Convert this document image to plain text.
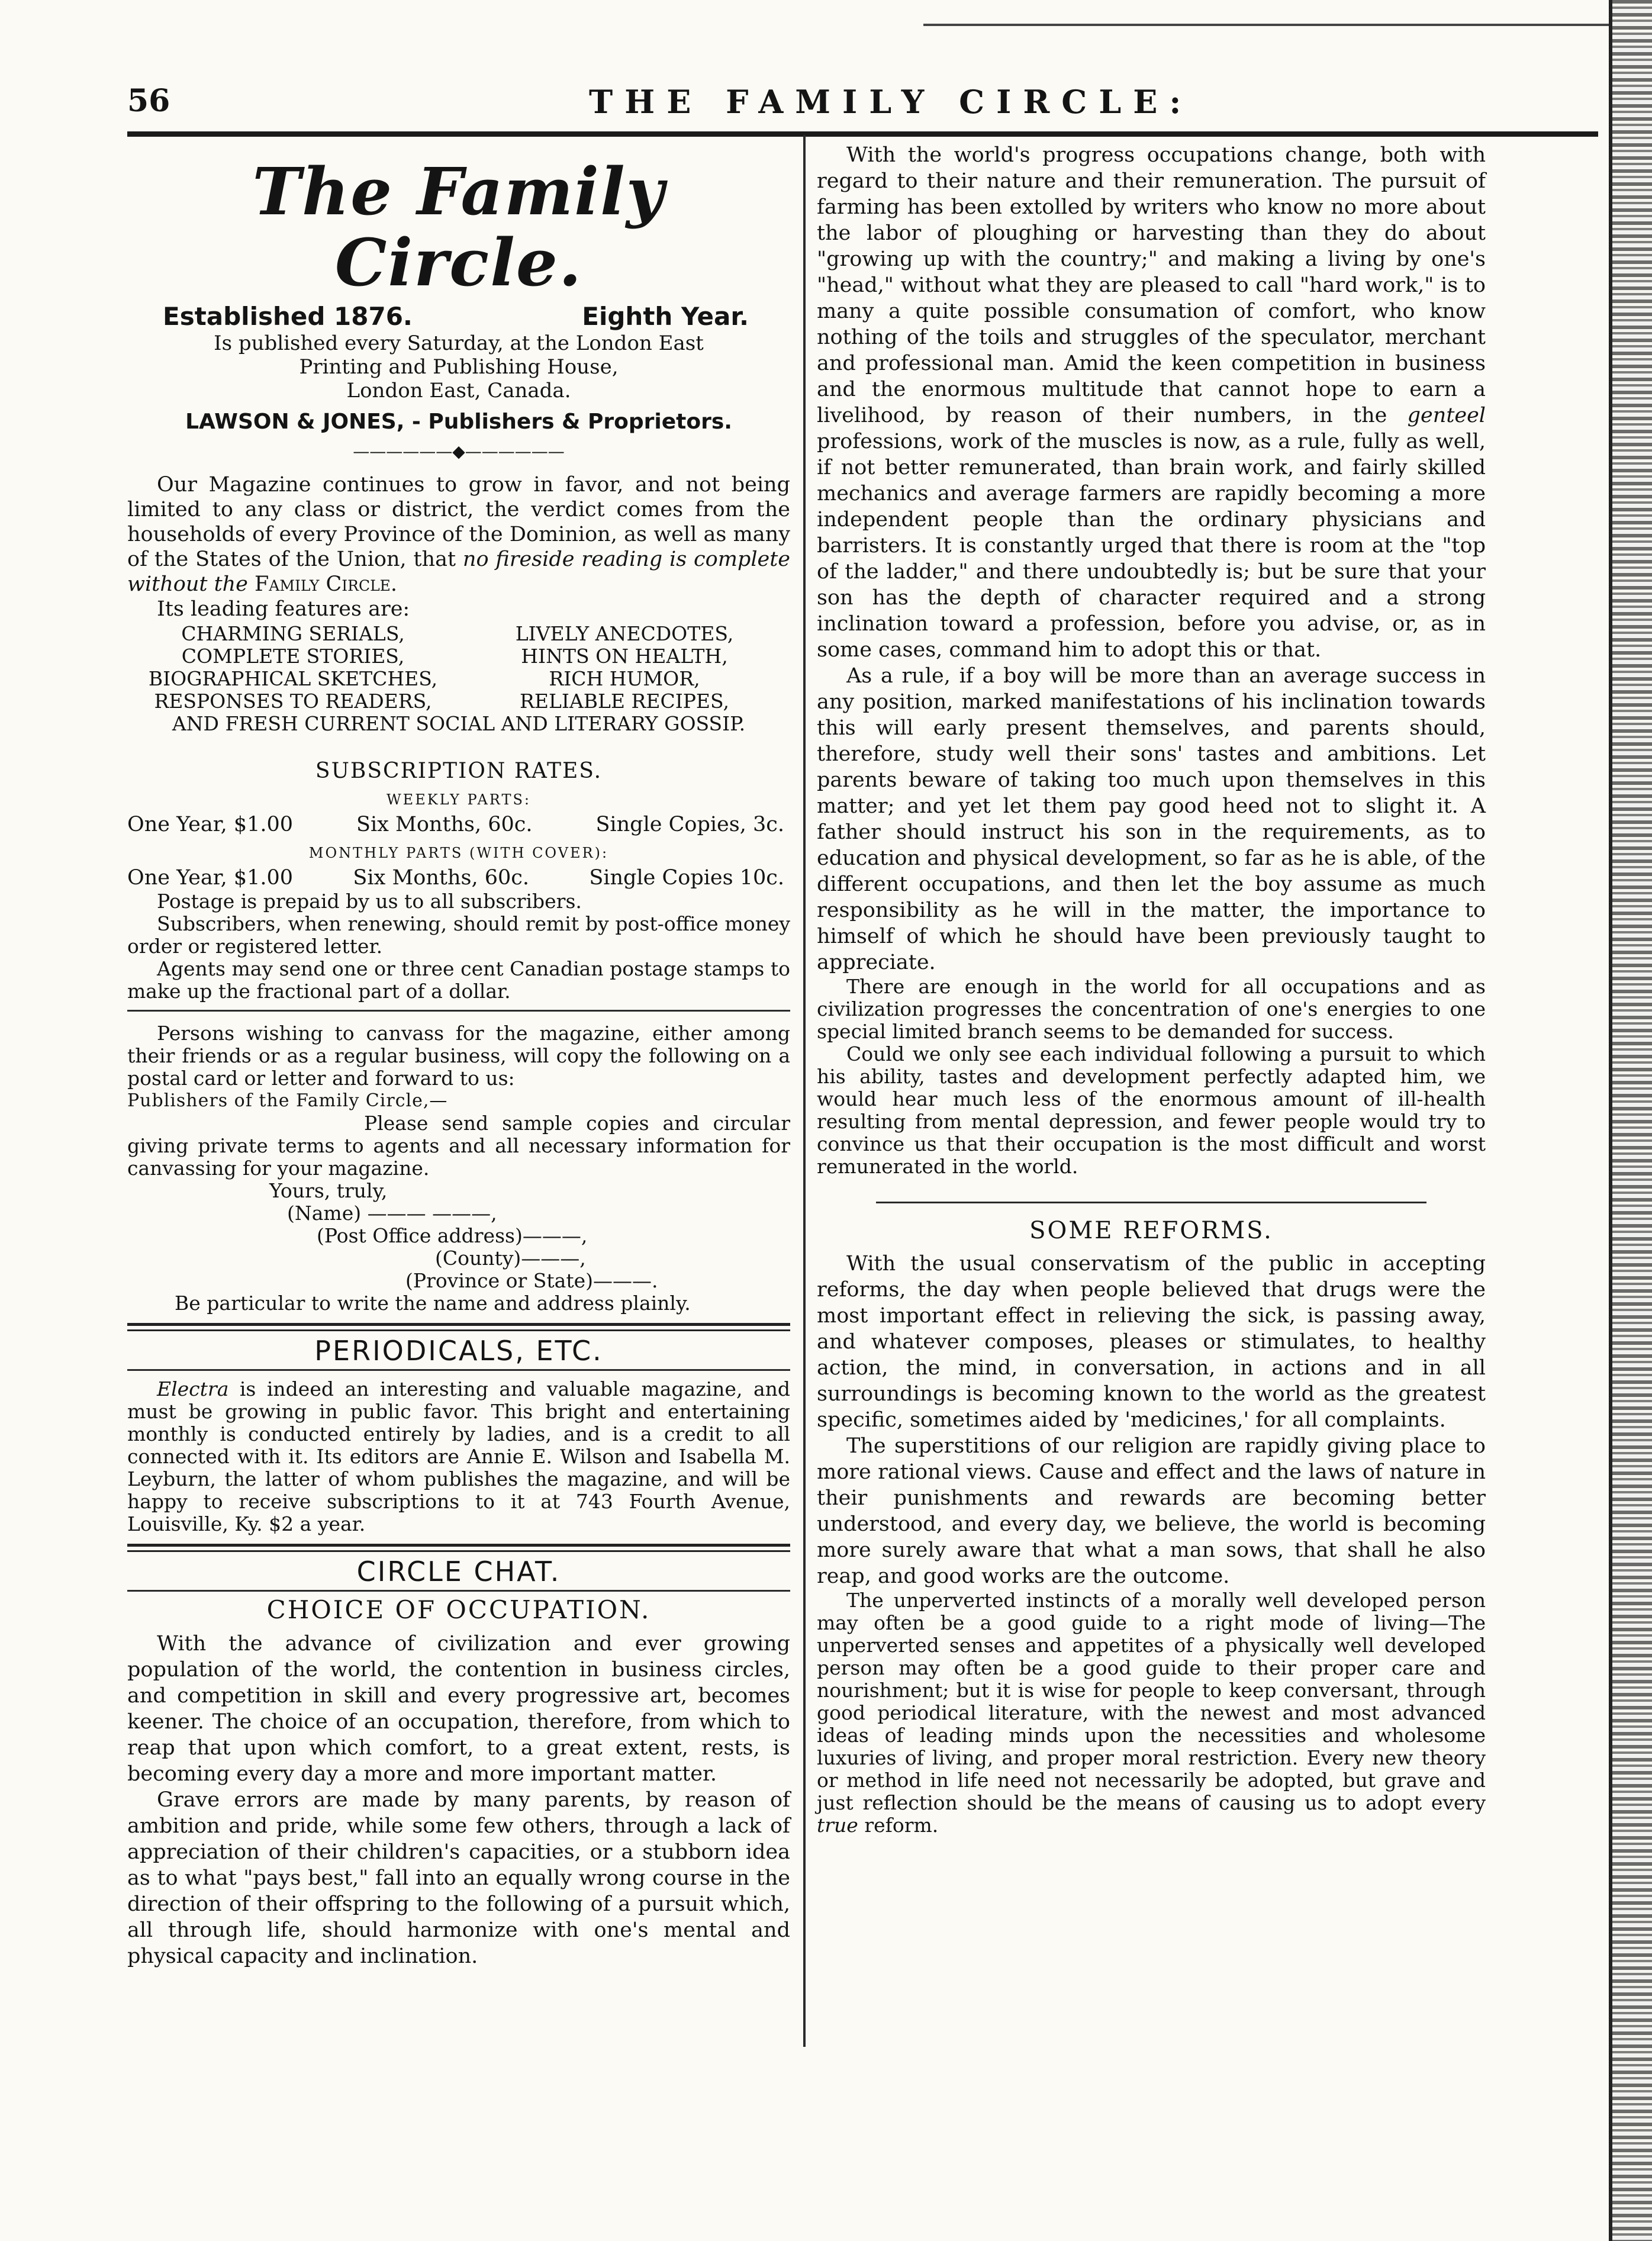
56	THE FAMILY CIRCLE:
The Family Circle.
Established 1876.	Eighth Year.
Is published every Saturday, at the London East
Printing and Publishing House,
London East, Canada.
LAWSON & JONES, - Publishers & Proprietors.
——————◆——————

Our Magazine continues to grow in favor, and not being limited to any class or district, the verdict comes from the households of every Province of the Dominion, as well as many of the States of the Union, that no fireside reading is complete without the Family Circle.

Its leading features are:

CHARMING SERIALS,	LIVELY ANECDOTES,
COMPLETE STORIES,	HINTS ON HEALTH,
BIOGRAPHICAL SKETCHES,	RICH HUMOR,
RESPONSES TO READERS,	RELIABLE RECIPES,
AND FRESH CURRENT SOCIAL AND LITERARY GOSSIP.
SUBSCRIPTION RATES.
WEEKLY PARTS:
One Year, $1.00	Six Months, 60c.	Single Copies, 3c.
MONTHLY PARTS (WITH COVER):
One Year, $1.00	Six Months, 60c.	Single Copies 10c.

Postage is prepaid by us to all subscribers.

Subscribers, when renewing, should remit by post-office money order or registered letter.

Agents may send one or three cent Canadian postage stamps to make up the fractional part of a dollar.

Persons wishing to canvass for the magazine, either among their friends or as a regular business, will copy the following on a postal card or letter and forward to us:

Publishers of the Family Circle,—

Please send sample copies and circular giving private terms to agents and all necessary information for canvassing for your magazine.

Yours, truly,

(Name) ——— ———,

(Post Office address)———,

(County)———,

(Province or State)———.

Be particular to write the name and address plainly.

PERIODICALS, ETC.

Electra is indeed an interesting and valuable magazine, and must be growing in public favor. This bright and entertaining monthly is conducted entirely by ladies, and is a credit to all connected with it. Its editors are Annie E. Wilson and Isabella M. Leyburn, the latter of whom publishes the magazine, and will be happy to receive subscriptions to it at 743 Fourth Avenue, Louisville, Ky. $2 a year.

CIRCLE CHAT.
CHOICE OF OCCUPATION.

With the advance of civilization and ever growing population of the world, the contention in business circles, and competition in skill and every progressive art, becomes keener. The choice of an occupation, therefore, from which to reap that upon which comfort, to a great extent, rests, is becoming every day a more and more important matter.

Grave errors are made by many parents, by reason of ambition and pride, while some few others, through a lack of appreciation of their children's capacities, or a stubborn idea as to what "pays best," fall into an equally wrong course in the direction of their offspring to the following of a pursuit which, all through life, should harmonize with one's mental and physical capacity and inclination.

With the world's progress occupations change, both with regard to their nature and their remuneration. The pursuit of farming has been extolled by writers who know no more about the labor of ploughing or harvesting than they do about "growing up with the country;" and making a living by one's "head," without what they are pleased to call "hard work," is to many a quite possible consumation of comfort, who know nothing of the toils and struggles of the speculator, merchant and professional man. Amid the keen competition in business and the enormous multitude that cannot hope to earn a livelihood, by reason of their numbers, in the genteel professions, work of the muscles is now, as a rule, fully as well, if not better remunerated, than brain work, and fairly skilled mechanics and average farmers are rapidly becoming a more independent people than the ordinary physicians and barristers. It is constantly urged that there is room at the "top of the ladder," and there undoubtedly is; but be sure that your son has the depth of character required and a strong inclination toward a profession, before you advise, or, as in some cases, command him to adopt this or that.

As a rule, if a boy will be more than an average success in any position, marked manifestations of his inclination towards this will early present themselves, and parents should, therefore, study well their sons' tastes and ambitions. Let parents beware of taking too much upon themselves in this matter; and yet let them pay good heed not to slight it. A father should instruct his son in the requirements, as to education and physical development, so far as he is able, of the different occupations, and then let the boy assume as much responsibility as he will in the matter, the importance to himself of which he should have been previously taught to appreciate.

There are enough in the world for all occupations and as civilization progresses the concentration of one's energies to one special limited branch seems to be demanded for success.

Could we only see each individual following a pursuit to which his ability, tastes and development perfectly adapted him, we would hear much less of the enormous amount of ill-health resulting from mental depression, and fewer people would try to convince us that their occupation is the most difficult and worst remunerated in the world.

SOME REFORMS.

With the usual conservatism of the public in accepting reforms, the day when people believed that drugs were the most important effect in relieving the sick, is passing away, and whatever composes, pleases or stimulates, to healthy action, the mind, in conversation, in actions and in all surroundings is becoming known to the world as the greatest specific, sometimes aided by 'medicines,' for all complaints.

The superstitions of our religion are rapidly giving place to more rational views. Cause and effect and the laws of nature in their punishments and rewards are becoming better understood, and every day, we believe, the world is becoming more surely aware that what a man sows, that shall he also reap, and good works are the outcome.

The unperverted instincts of a morally well developed person may often be a good guide to a right mode of living—The unperverted senses and appetites of a physically well developed person may often be a good guide to their proper care and nourishment; but it is wise for people to keep conversant, through good periodical literature, with the newest and most advanced ideas of leading minds upon the necessities and wholesome luxuries of living, and proper moral restriction. Every new theory or method in life need not necessarily be adopted, but grave and just reflection should be the means of causing us to adopt every true reform.
